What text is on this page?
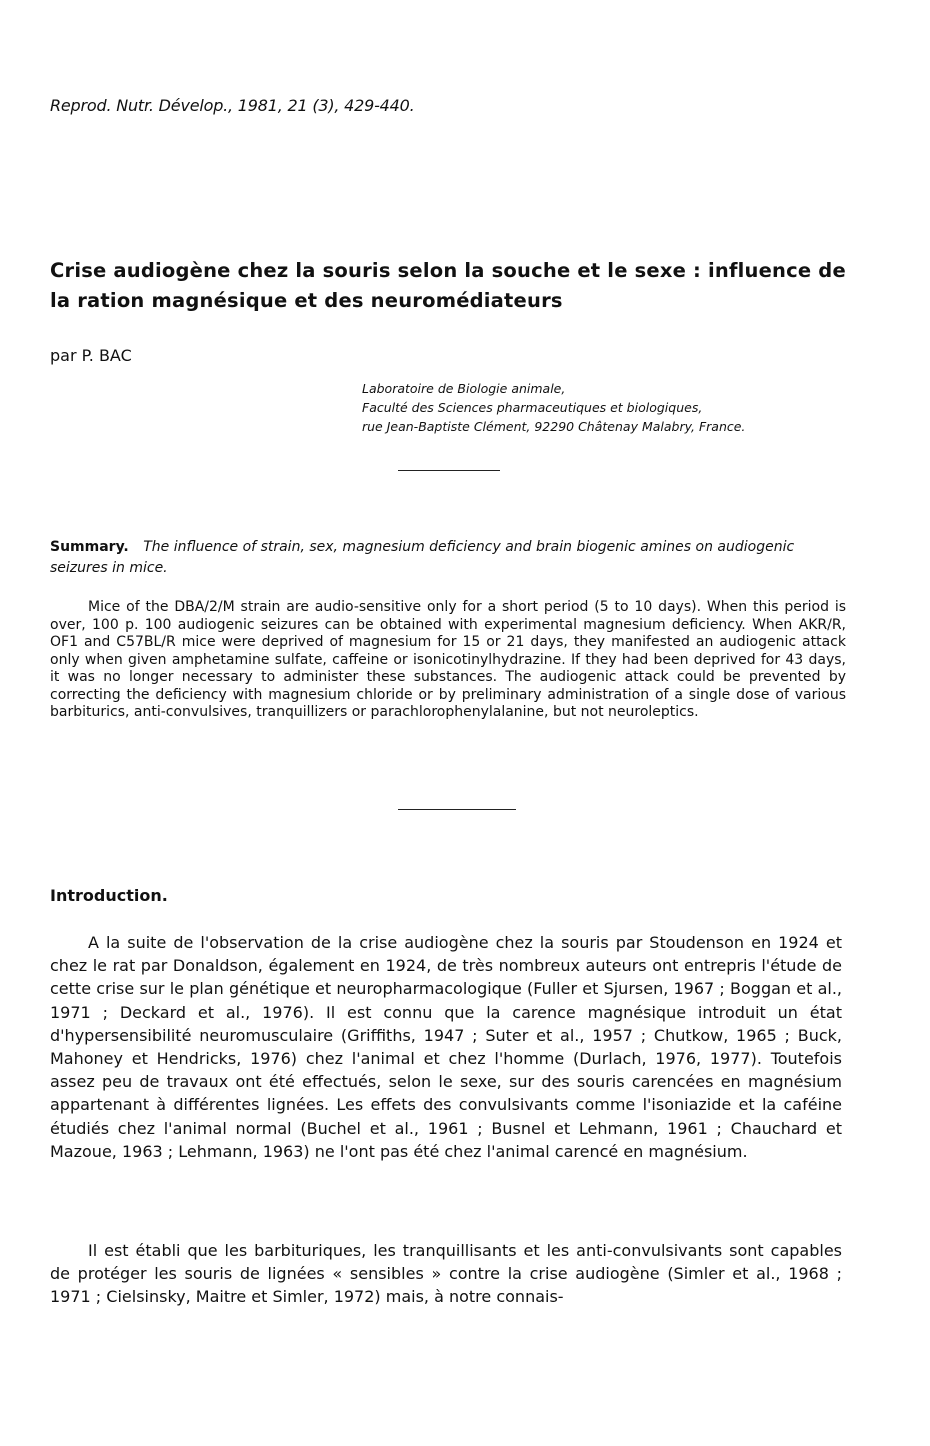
Reprod. Nutr. Dévelop., 1981, 21 (3), 429-440.
Crise audiogène chez la souris selon la souche et le sexe : influence de la ration magnésique et des neuromédiateurs
par P. BAC
Laboratoire de Biologie animale,
Faculté des Sciences pharmaceutiques et biologiques,
rue Jean-Baptiste Clément, 92290 Châtenay Malabry, France.
Summary. The influence of strain, sex, magnesium deficiency and brain biogenic amines on audiogenic seizures in mice.

Mice of the DBA/2/M strain are audio-sensitive only for a short period (5 to 10 days). When this period is over, 100 p. 100 audiogenic seizures can be obtained with experimental magnesium deficiency. When AKR/R, OF1 and C57BL/R mice were deprived of magnesium for 15 or 21 days, they manifested an audiogenic attack only when given amphetamine sulfate, caffeine or isonicotinylhydrazine. If they had been deprived for 43 days, it was no longer necessary to administer these substances. The audiogenic attack could be prevented by correcting the deficiency with magnesium chloride or by preliminary administration of a single dose of various barbiturics, anti-convulsives, tranquillizers or parachlorophenylalanine, but not neuroleptics.

Introduction.

A la suite de l'observation de la crise audiogène chez la souris par Stoudenson en 1924 et chez le rat par Donaldson, également en 1924, de très nombreux auteurs ont entrepris l'étude de cette crise sur le plan génétique et neuropharmacologique (Fuller et Sjursen, 1967 ; Boggan et al., 1971 ; Deckard et al., 1976). Il est connu que la carence magnésique introduit un état d'hypersensibilité neuromusculaire (Griffiths, 1947 ; Suter et al., 1957 ; Chutkow, 1965 ; Buck, Mahoney et Hendricks, 1976) chez l'animal et chez l'homme (Durlach, 1976, 1977). Toutefois assez peu de travaux ont été effectués, selon le sexe, sur des souris carencées en magnésium appartenant à différentes lignées. Les effets des convulsivants comme l'isoniazide et la caféine étudiés chez l'animal normal (Buchel et al., 1961 ; Busnel et Lehmann, 1961 ; Chauchard et Mazoue, 1963 ; Lehmann, 1963) ne l'ont pas été chez l'animal carencé en magnésium.

Il est établi que les barbituriques, les tranquillisants et les anti-convulsivants sont capables de protéger les souris de lignées « sensibles » contre la crise audiogène (Simler et al., 1968 ; 1971 ; Cielsinsky, Maitre et Simler, 1972) mais, à notre connais-
